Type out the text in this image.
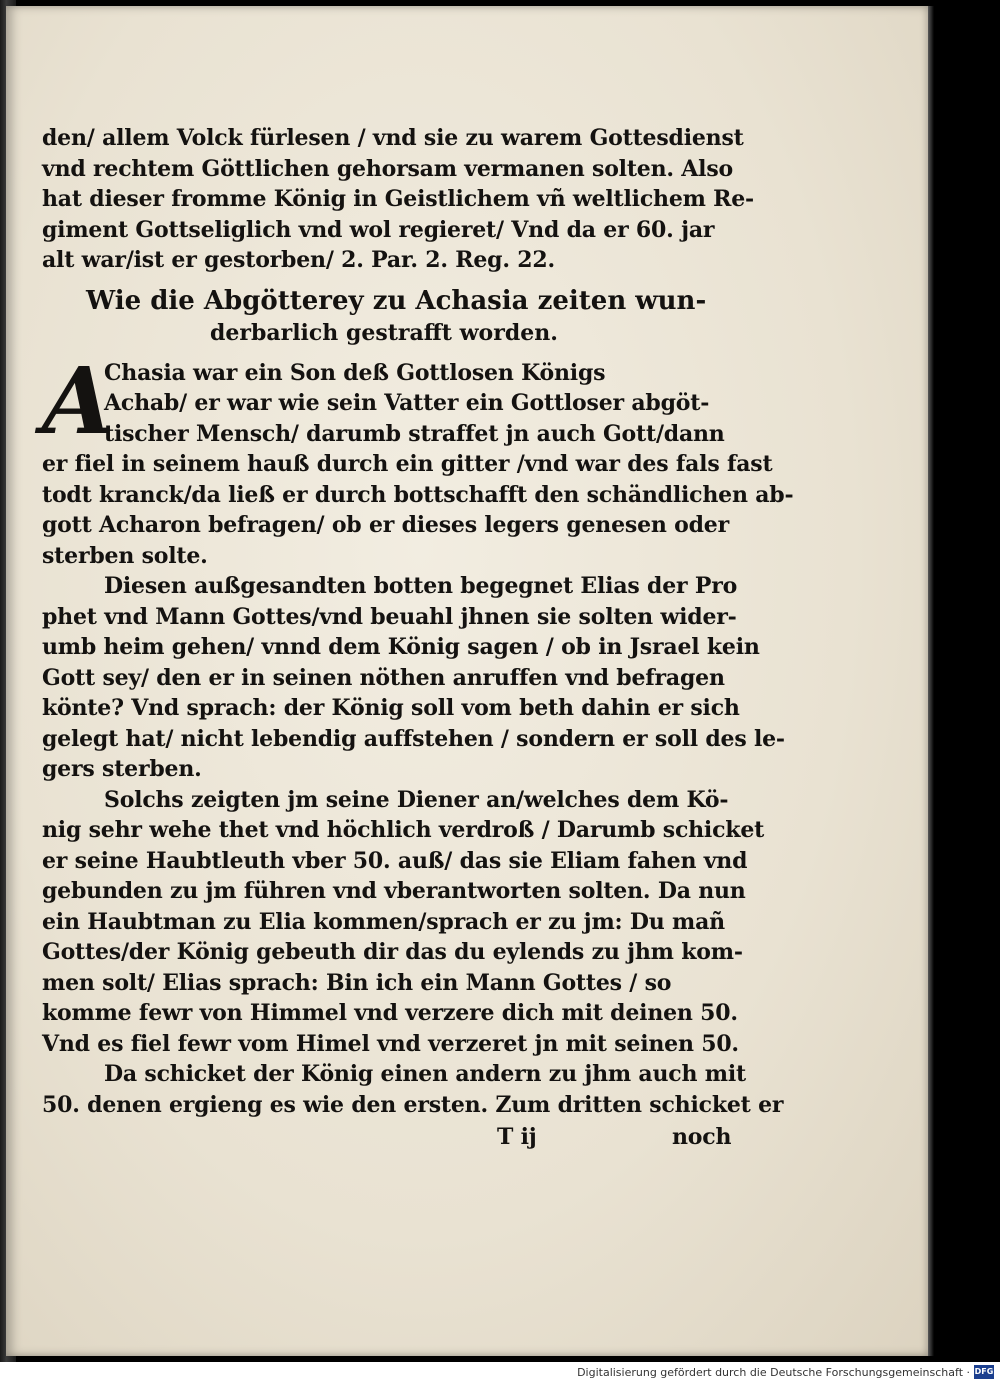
den/ allem Volck fürlesen / vnd sie zu warem Gottesdienst
vnd rechtem Göttlichen gehorsam vermanen solten. Also
hat dieser fromme König in Geistlichem vñ weltlichem Re-
giment Gottseliglich vnd wol regieret/ Vnd da er 60. jar
alt war/ist er gestorben/ 2. Par. 2. Reg. 22.
Wie die Abgötterey zu Achasia zeiten wun-
derbarlich gestrafft worden.
A
Chasia war ein Son deß Gottlosen Königs
Achab/ er war wie sein Vatter ein Gottloser abgöt-
tischer Mensch/ darumb straffet jn auch Gott/dann
er fiel in seinem hauß durch ein gitter /vnd war des fals fast
todt kranck/da ließ er durch bottschafft den schändlichen ab-
gott Acharon befragen/ ob er dieses legers genesen oder
sterben solte.
Diesen außgesandten botten begegnet Elias der Pro
phet vnd Mann Gottes/vnd beuahl jhnen sie solten wider-
umb heim gehen/ vnnd dem König sagen / ob in Jsrael kein
Gott sey/ den er in seinen nöthen anruffen vnd befragen
könte? Vnd sprach: der König soll vom beth dahin er sich
gelegt hat/ nicht lebendig auffstehen / sondern er soll des le-
gers sterben.
Solchs zeigten jm seine Diener an/welches dem Kö-
nig sehr wehe thet vnd höchlich verdroß / Darumb schicket
er seine Haubtleuth vber 50. auß/ das sie Eliam fahen vnd
gebunden zu jm führen vnd vberantworten solten. Da nun
ein Haubtman zu Elia kommen/sprach er zu jm: Du mañ
Gottes/der König gebeuth dir das du eylends zu jhm kom-
men solt/ Elias sprach: Bin ich ein Mann Gottes / so
komme fewr von Himmel vnd verzere dich mit deinen 50.
Vnd es fiel fewr vom Himel vnd verzeret jn mit seinen 50.
Da schicket der König einen andern zu jhm auch mit
50. denen ergieng es wie den ersten. Zum dritten schicket er
T ij	noch
Digitalisierung gefördert durch die Deutsche Forschungsgemeinschaft · DFG
